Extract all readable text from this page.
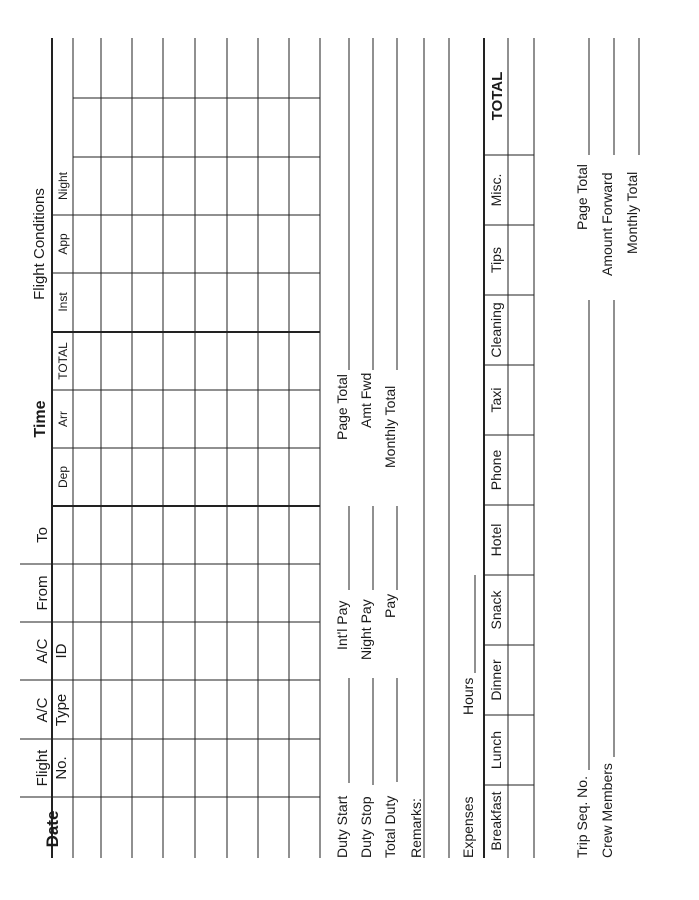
Date
Flight No.
A/C Type
A/C ID
From
To
Time
Dep
Arr
TOTAL
Flight Conditions
Inst
App
Night
Duty Start Duty Stop Total Duty Remarks:
Int'l Pay Night Pay Pay
Page Total Amt Fwd Monthly Total
Expenses
Hours
Breakfast
Lunch
Dinner
Snack
Hotel
Phone
Taxi
Cleaning
Tips
Misc.
TOTAL
Trip Seq. No. Crew Members
Page Total Amount Forward Monthly Total
